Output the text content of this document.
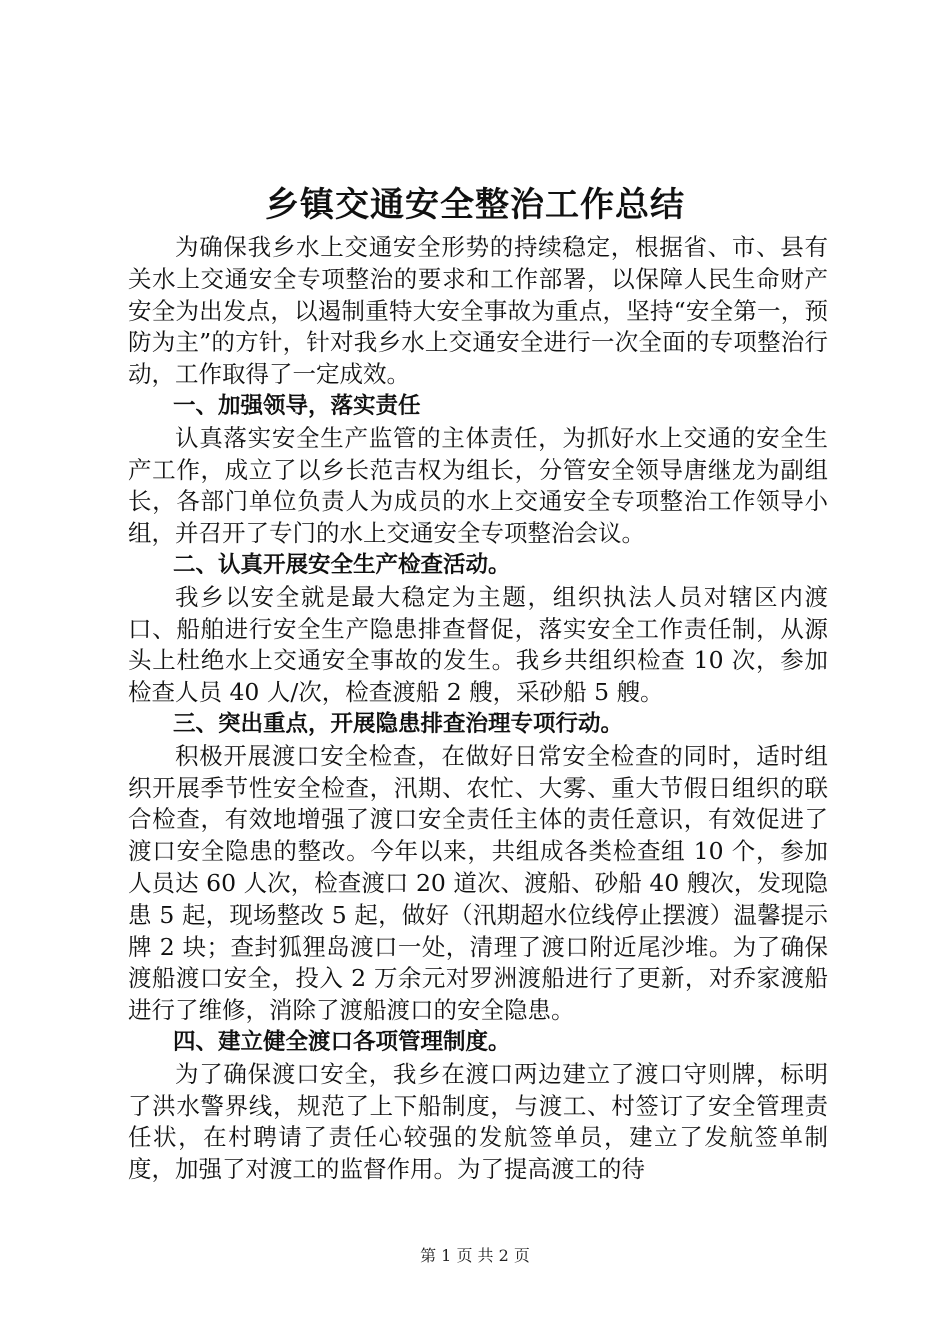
乡镇交通安全整治工作总结

为确保我乡水上交通安全形势的持续稳定，根据省、市、县有关水上交通安全专项整治的要求和工作部署，以保障人民生命财产安全为出发点，以遏制重特大安全事故为重点，坚持“安全第一，预防为主”的方针，针对我乡水上交通安全进行一次全面的专项整治行动，工作取得了一定成效。

一、加强领导，落实责任

认真落实安全生产监管的主体责任，为抓好水上交通的安全生产工作，成立了以乡长范吉权为组长，分管安全领导唐继龙为副组长，各部门单位负责人为成员的水上交通安全专项整治工作领导小组，并召开了专门的水上交通安全专项整治会议。

二、认真开展安全生产检查活动。

我乡以安全就是最大稳定为主题，组织执法人员对辖区内渡口、船舶进行安全生产隐患排查督促，落实安全工作责任制，从源头上杜绝水上交通安全事故的发生。我乡共组织检查 10 次，参加检查人员 40 人/次，检查渡船 2 艘，采砂船 5 艘。

三、突出重点，开展隐患排查治理专项行动。

积极开展渡口安全检查，在做好日常安全检查的同时，适时组织开展季节性安全检查，汛期、农忙、大雾、重大节假日组织的联合检查，有效地增强了渡口安全责任主体的责任意识，有效促进了渡口安全隐患的整改。今年以来，共组成各类检查组 10 个，参加人员达 60 人次，检查渡口 20 道次、渡船、砂船 40 艘次，发现隐患 5 起，现场整改 5 起，做好（汛期超水位线停止摆渡）温馨提示牌 2 块；查封狐狸岛渡口一处，清理了渡口附近尾沙堆。为了确保渡船渡口安全，投入 2 万余元对罗洲渡船进行了更新，对乔家渡船进行了维修，消除了渡船渡口的安全隐患。

四、建立健全渡口各项管理制度。

为了确保渡口安全，我乡在渡口两边建立了渡口守则牌，标明了洪水警界线，规范了上下船制度，与渡工、村签订了安全管理责任状，在村聘请了责任心较强的发航签单员，建立了发航签单制度，加强了对渡工的监督作用。为了提高渡工的待

第 1 页 共 2 页
